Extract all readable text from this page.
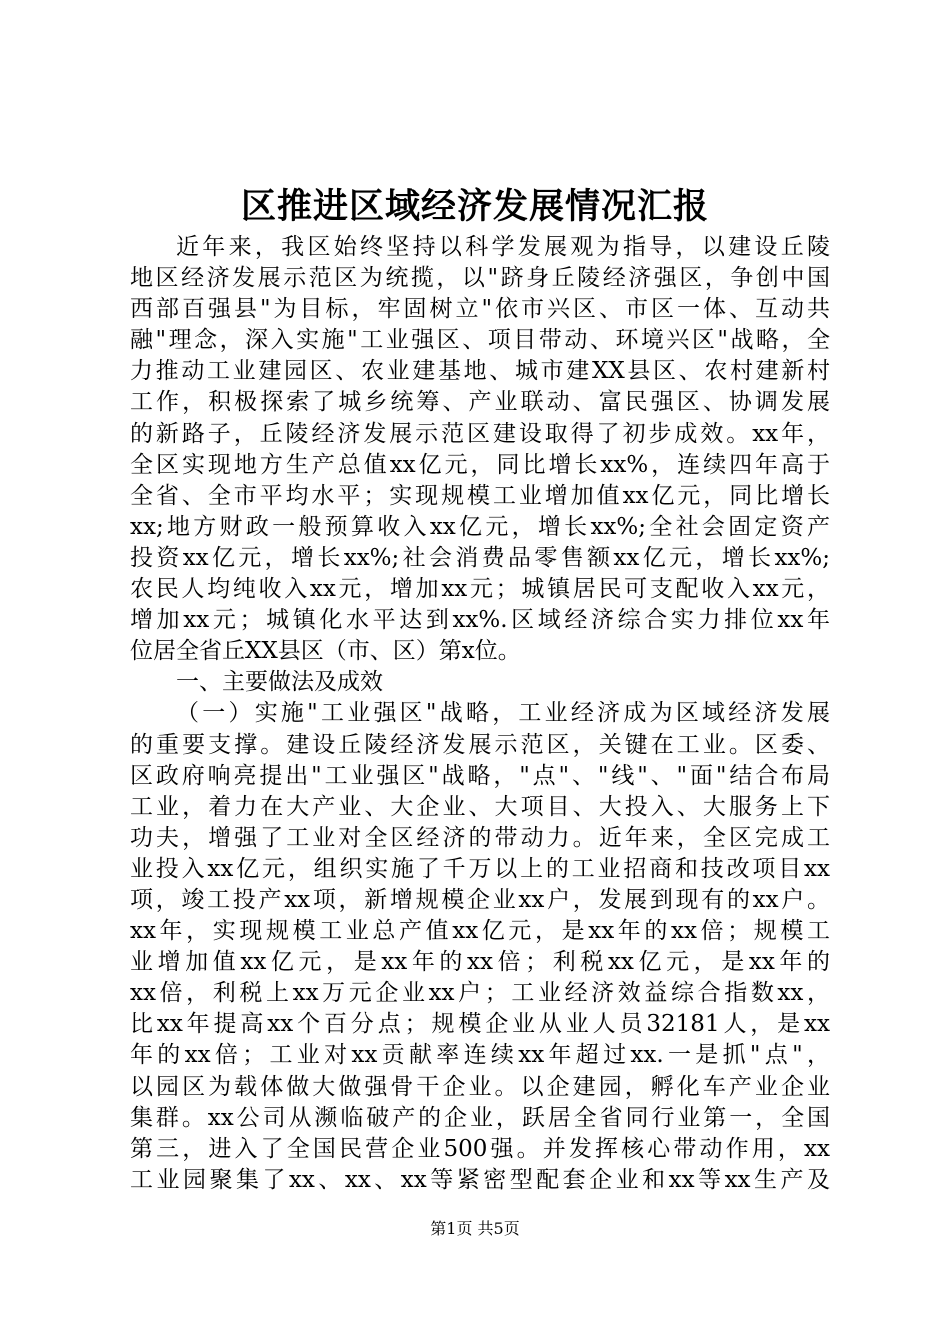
区推进区域经济发展情况汇报
近年来，我区始终坚持以科学发展观为指导，以建设丘陵
地区经济发展示范区为统揽，以"跻身丘陵经济强区，争创中国
西部百强县"为目标，牢固树立"依市兴区、市区一体、互动共
融"理念，深入实施"工业强区、项目带动、环境兴区"战略，全
力推动工业建园区、农业建基地、城市建XX县区、农村建新村
工作，积极探索了城乡统筹、产业联动、富民强区、协调发展
的新路子，丘陵经济发展示范区建设取得了初步成效。xx年，
全区实现地方生产总值xx亿元，同比增长xx%，连续四年高于
全省、全市平均水平；实现规模工业增加值xx亿元，同比增长
xx;地方财政一般预算收入xx亿元，增长xx%;全社会固定资产
投资xx亿元，增长xx%;社会消费品零售额xx亿元，增长xx%;
农民人均纯收入xx元，增加xx元；城镇居民可支配收入xx元，
增加xx元；城镇化水平达到xx%.区域经济综合实力排位xx年
位居全省丘XX县区（市、区）第x位。
一、主要做法及成效
（一）实施"工业强区"战略，工业经济成为区域经济发展
的重要支撑。建设丘陵经济发展示范区，关键在工业。区委、
区政府响亮提出"工业强区"战略，"点"、"线"、"面"结合布局
工业，着力在大产业、大企业、大项目、大投入、大服务上下
功夫，增强了工业对全区经济的带动力。近年来，全区完成工
业投入xx亿元，组织实施了千万以上的工业招商和技改项目xx
项，竣工投产xx项，新增规模企业xx户，发展到现有的xx户。
xx年，实现规模工业总产值xx亿元，是xx年的xx倍；规模工
业增加值xx亿元，是xx年的xx倍；利税xx亿元，是xx年的
xx倍，利税上xx万元企业xx户；工业经济效益综合指数xx，
比xx年提高xx个百分点；规模企业从业人员32181人，是xx
年的xx倍；工业对xx贡献率连续xx年超过xx.一是抓"点"，
以园区为载体做大做强骨干企业。以企建园，孵化车产业企业
集群。xx公司从濒临破产的企业，跃居全省同行业第一，全国
第三，进入了全国民营企业500强。并发挥核心带动作用，xx
工业园聚集了xx、xx、xx等紧密型配套企业和xx等xx生产及
第1页 共5页
